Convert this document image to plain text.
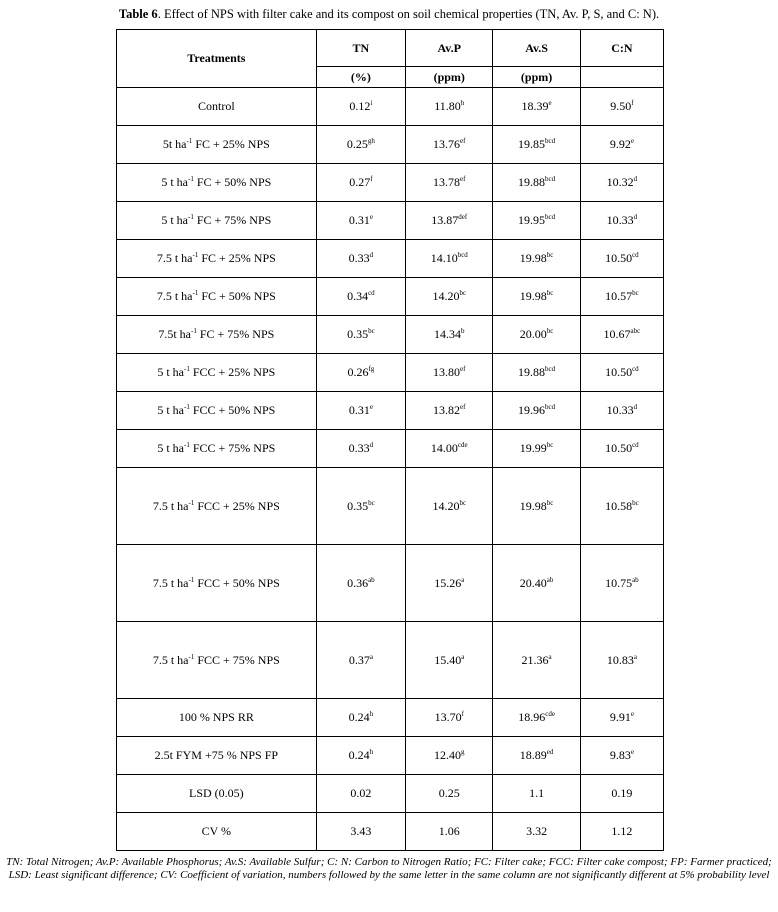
Table 6. Effect of NPS with filter cake and its compost on soil chemical properties (TN, Av. P, S, and C: N).
Treatments	TN	Av.P	Av.S	C:N
	(%)	(ppm)	(ppm)	
Control	0.12$^i$	11.80$^h$	18.39e	9.50$^f$
5t $ha^{-1}$ FC + 25% NPS	0.25$^{gh}$	13.76$^{ef}$	19.85$^{bcd}$	9.92e
5 t $ha^{-1}$ FC + 50% NPS	0.27$^f$	13.78$^{ef}$	19.88$^{bcd}$	10.32$^d$
5 t $ha^{-1}$ FC + 75% NPS	0.31e	13.87$^{def}$	19.95$^{bcd}$	10.33$^d$
7.5 t $ha^{-1}$ FC + 25% NPS	0.33$^d$	14.10$^{bcd}$	19.98$^{bc}$	10.50$^{cd}$
7.5 t $ha^{-1}$ FC + 50% NPS	0.34$^{cd}$	14.20$^{bc}$	19.98$^{bc}$	10.57$^{bc}$
7.5t $ha^{-1}$ FC + 75% NPS	0.35$^{bc}$	14.34$^b$	20.00$^{bc}$	10.67$^{abc}$
5 t $ha^{-1}$ FCC + 25% NPS	0.26$^{fg}$	13.80$^{ef}$	19.88$^{bcd}$	10.50$^{cd}$
5 t $ha^{-1}$ FCC + 50% NPS	0.31e	13.82$^{ef}$	19.96$^{bcd}$	10.33$^d$
5 t $ha^{-1}$ FCC + 75% NPS	0.33$^d$	14.00$^{cde}$	19.99$^{bc}$	10.50$^{cd}$
7.5 t $ha^{-1}$ FCC + 25% NPS	0.35$^{bc}$	14.20$^{bc}$	19.98$^{bc}$	10.58$^{bc}$
7.5 t $ha^{-1}$ FCC + 50% NPS	0.36$^{ab}$	15.26$^a$	20.40$^{ab}$	10.75$^{ab}$
7.5 t $ha^{-1}$ FCC + 75% NPS	0.37$^a$	15.40$^a$	21.36$^a$	10.83$^a$
100 % NPS RR	0.24$^h$	13.70$^f$	18.96$^{cde}$	9.91e
2.5t FYM +75 % NPS FP	0.24$^h$	12.40$^g$	18.89$^{ed}$	9.83e
LSD (0.05)	0.02	0.25	1.1	0.19
CV %	3.43	1.06	3.32	1.12
TN: Total Nitrogen; Av.P: Available Phosphorus; Av.S: Available Sulfur; C: N: Carbon to Nitrogen Ratio; FC: Filter cake; FCC: Filter cake compost; FP: Farmer practiced; LSD: Least significant difference; CV: Coefficient of variation, numbers followed by the same letter in the same column are not significantly different at 5% probability level
